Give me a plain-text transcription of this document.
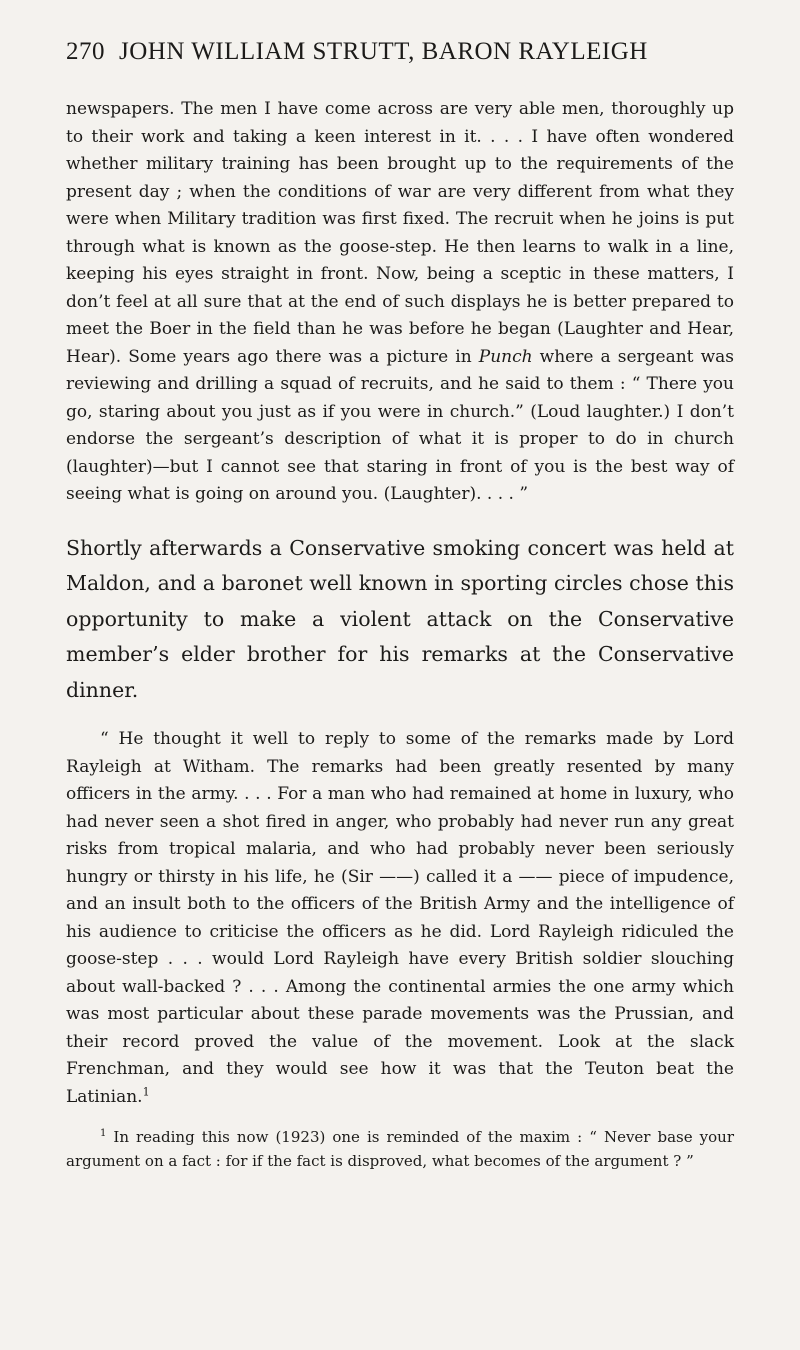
270 JOHN WILLIAM STRUTT, BARON RAYLEIGH

newspapers. The men I have come across are very able men, thoroughly up to their work and taking a keen interest in it. . . . I have often wondered whether military training has been brought up to the requirements of the present day ; when the conditions of war are very different from what they were when Military tradition was first fixed. The recruit when he joins is put through what is known as the goose-step. He then learns to walk in a line, keeping his eyes straight in front. Now, being a sceptic in these matters, I don’t feel at all sure that at the end of such displays he is better prepared to meet the Boer in the field than he was before he began (Laughter and Hear, Hear). Some years ago there was a picture in Punch where a sergeant was reviewing and drilling a squad of recruits, and he said to them : “ There you go, staring about you just as if you were in church.” (Loud laughter.) I don’t endorse the sergeant’s description of what it is proper to do in church (laughter)—but I cannot see that staring in front of you is the best way of seeing what is going on around you. (Laughter). . . . ”

Shortly afterwards a Conservative smoking concert was held at Maldon, and a baronet well known in sporting circles chose this opportunity to make a violent attack on the Conservative member’s elder brother for his remarks at the Conservative dinner.

“ He thought it well to reply to some of the remarks made by Lord Rayleigh at Witham. The remarks had been greatly resented by many officers in the army. . . . For a man who had remained at home in luxury, who had never seen a shot fired in anger, who probably had never run any great risks from tropical malaria, and who had probably never been seriously hungry or thirsty in his life, he (Sir ——) called it a —— piece of impudence, and an insult both to the officers of the British Army and the intelligence of his audience to criticise the officers as he did. Lord Rayleigh ridiculed the goose-step . . . would Lord Rayleigh have every British soldier slouching about wall-backed ? . . . Among the continental armies the one army which was most particular about these parade movements was the Prussian, and their record proved the value of the movement. Look at the slack Frenchman, and they would see how it was that the Teuton beat the Latinian.$^1$

$^1$ In reading this now (1923) one is reminded of the maxim : “ Never base your argument on a fact : for if the fact is disproved, what becomes of the argument ? ”
